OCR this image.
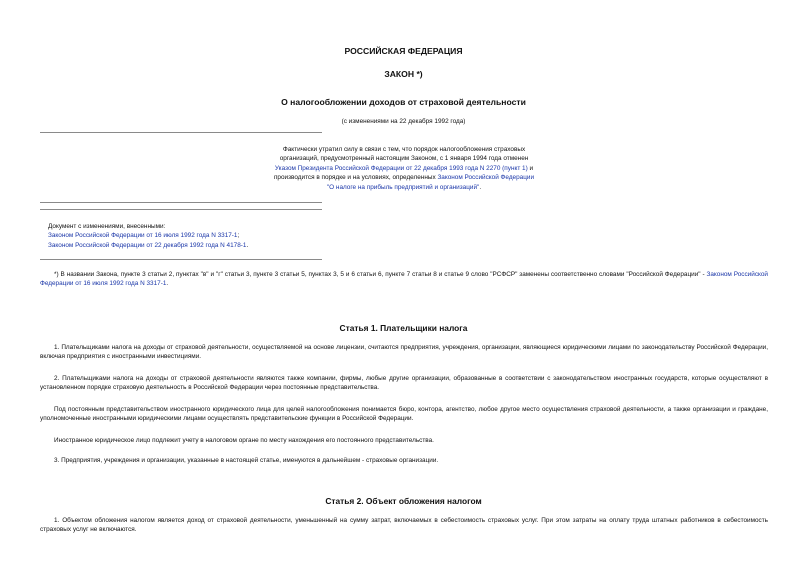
РОССИЙСКАЯ ФЕДЕРАЦИЯ
ЗАКОН *)
О налогообложении доходов от страховой деятельности
(с изменениями на 22 декабря 1992 года)
Фактически утратил силу в связи с тем, что порядок налогообложения страховых
организаций, предусмотренный настоящим Законом, с 1 января 1994 года отменен
Указом Президента Российской Федерации от 22 декабря 1993 года N 2270 (пункт 1) и
производится в порядке и на условиях, определенных Законом Российской Федерации
"О налоге на прибыль предприятий и организаций".
Документ с изменениями, внесенными:
Законом Российской Федерации от 16 июля 1992 года N 3317-1;
Законом Российской Федерации от 22 декабря 1992 года N 4178-1.
*) В названии Закона, пункте 3 статьи 2, пунктах "в" и "г" статьи 3, пункте 3 статьи 5, пунктах 3, 5 и 6 статьи 6, пункте 7 статьи 8 и статье 9 слово "РСФСР" заменены соответственно словами "Российской Федерации" - Законом Российской Федерации от 16 июля 1992 года N 3317-1.
Статья 1. Плательщики налога
1. Плательщиками налога на доходы от страховой деятельности, осуществляемой на основе лицензии, считаются предприятия, учреждения, организации, являющиеся юридическими лицами по законодательству Российской Федерации, включая предприятия с иностранными инвестициями.
2. Плательщиками налога на доходы от страховой деятельности являются также компании, фирмы, любые другие организации, образованные в соответствии с законодательством иностранных государств, которые осуществляют в установленном порядке страховую деятельность в Российской Федерации через постоянные представительства.
Под постоянным представительством иностранного юридического лица для целей налогообложения понимается бюро, контора, агентство, любое другое место осуществления страховой деятельности, а также организации и граждане, уполномоченные иностранными юридическими лицами осуществлять представительские функции в Российской Федерации.
Иностранное юридическое лицо подлежит учету в налоговом органе по месту нахождения его постоянного представительства.
3. Предприятия, учреждения и организации, указанные в настоящей статье, именуются в дальнейшем - страховые организации.
Статья 2. Объект обложения налогом
1. Объектом обложения налогом является доход от страховой деятельности, уменьшенный на сумму затрат, включаемых в себестоимость страховых услуг. При этом затраты на оплату труда штатных работников в себестоимость страховых услуг не включаются.
